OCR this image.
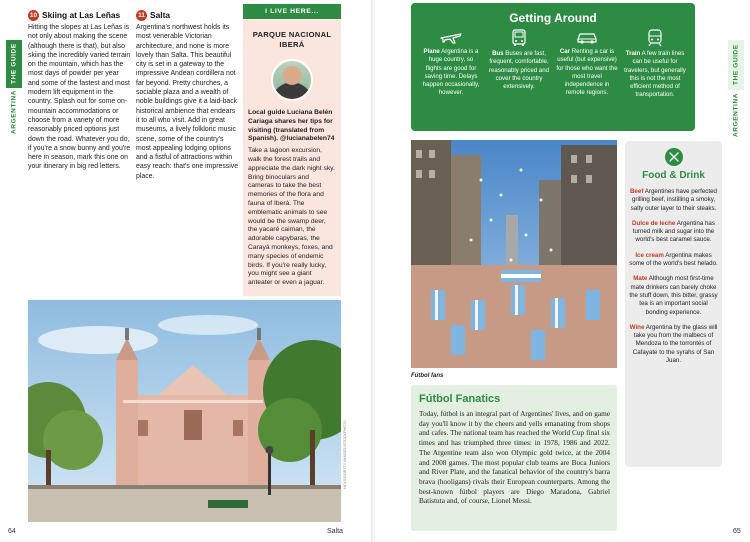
THE GUIDE
ARGENTINA
10 Skiing at Las Leñas
Hitting the slopes at Las Leñas is not only about making the scene (although there is that), but also skiing the incredibly varied terrain on the mountain, which has the most days of powder per year and some of the fastest and most modern lift equipment in the country. Splash out for some on-mountain accommodations or choose from a variety of more reasonably priced options just down the road. Whatever you do, if you're a snow bunny and you're here in season, mark this one on your itinerary in big red letters.
11 Salta
Argentina's northwest holds its most venerable Victorian architecture, and none is more lovely than Salta. This beautiful city is set in a gateway to the impressive Andean cordillera not far beyond. Pretty churches, a sociable plaza and a wealth of noble buildings give it a laid-back historical ambience that endears it to all who visit. Add in great museums, a lively folkloric music scene, some of the country's most appealing lodging options and a fistful of attractions within easy reach: that's one impressive place.
I LIVE HERE...
PARQUE NACIONAL IBERÁ
Local guide Luciana Belén Cariaga shares her tips for visiting (translated from Spanish). @lucianabelen74
Take a lagoon excursion, walk the forest trails and appreciate the dark night sky. Bring binoculars and cameras to take the best memories of the flora and fauna of Iberá. The emblematic animals to see would be the swamp deer, the yacaré caiman, the adorable capybaras, the Carayá monkeys, foxes, and many species of endemic birds. If you're really lucky, you might see a giant anteater or even a jaguar.
HOLGS/GETTY IMAGES/ISTOCKPHOTO
64	Salta
THE GUIDE
ARGENTINA
Getting Around
Plane Argentina is a huge country, so flights are good for saving time. Delays happen occasionally, however.
Bus Buses are fast, frequent, comfortable, reasonably priced and cover the country extensively.
Car Renting a car is useful (but expensive) for those who want the most travel independence in remote regions.
Train A few train lines can be useful for travelers, but generally this is not the most efficient method of transportation.
Fútbol fans
Fútbol Fanatics

Today, fútbol is an integral part of Argentines' lives, and on game day you'll know it by the cheers and yells emanating from shops and cafes. The national team has reached the World Cup final six times and has triumphed three times: in 1978, 1986 and 2022. The Argentine team also won Olympic gold twice, at the 2004 and 2008 games. The most popular club teams are Boca Juniors and River Plate, and the fanatical behavior of the country's barra brava (hooligans) rivals their European counterparts. Among the best-known fútbol players are Diego Maradona, Gabriel Batistuta and, of course, Lionel Messi.

Food & Drink
Beef Argentines have perfected grilling beef, instilling a smoky, salty outer layer to their steaks.
Dulce de leche Argentina has turned milk and sugar into the world's best caramel sauce.
Ice cream Argentina makes some of the world's best helado.
Mate Although most first-time mate drinkers can barely choke the stuff down, this bitter, grassy tea is an important social bonding experience.
Wine Argentina by the glass will take you from the malbecs of Mendoza to the torrontés of Cafayate to the syrahs of San Juan.
65
